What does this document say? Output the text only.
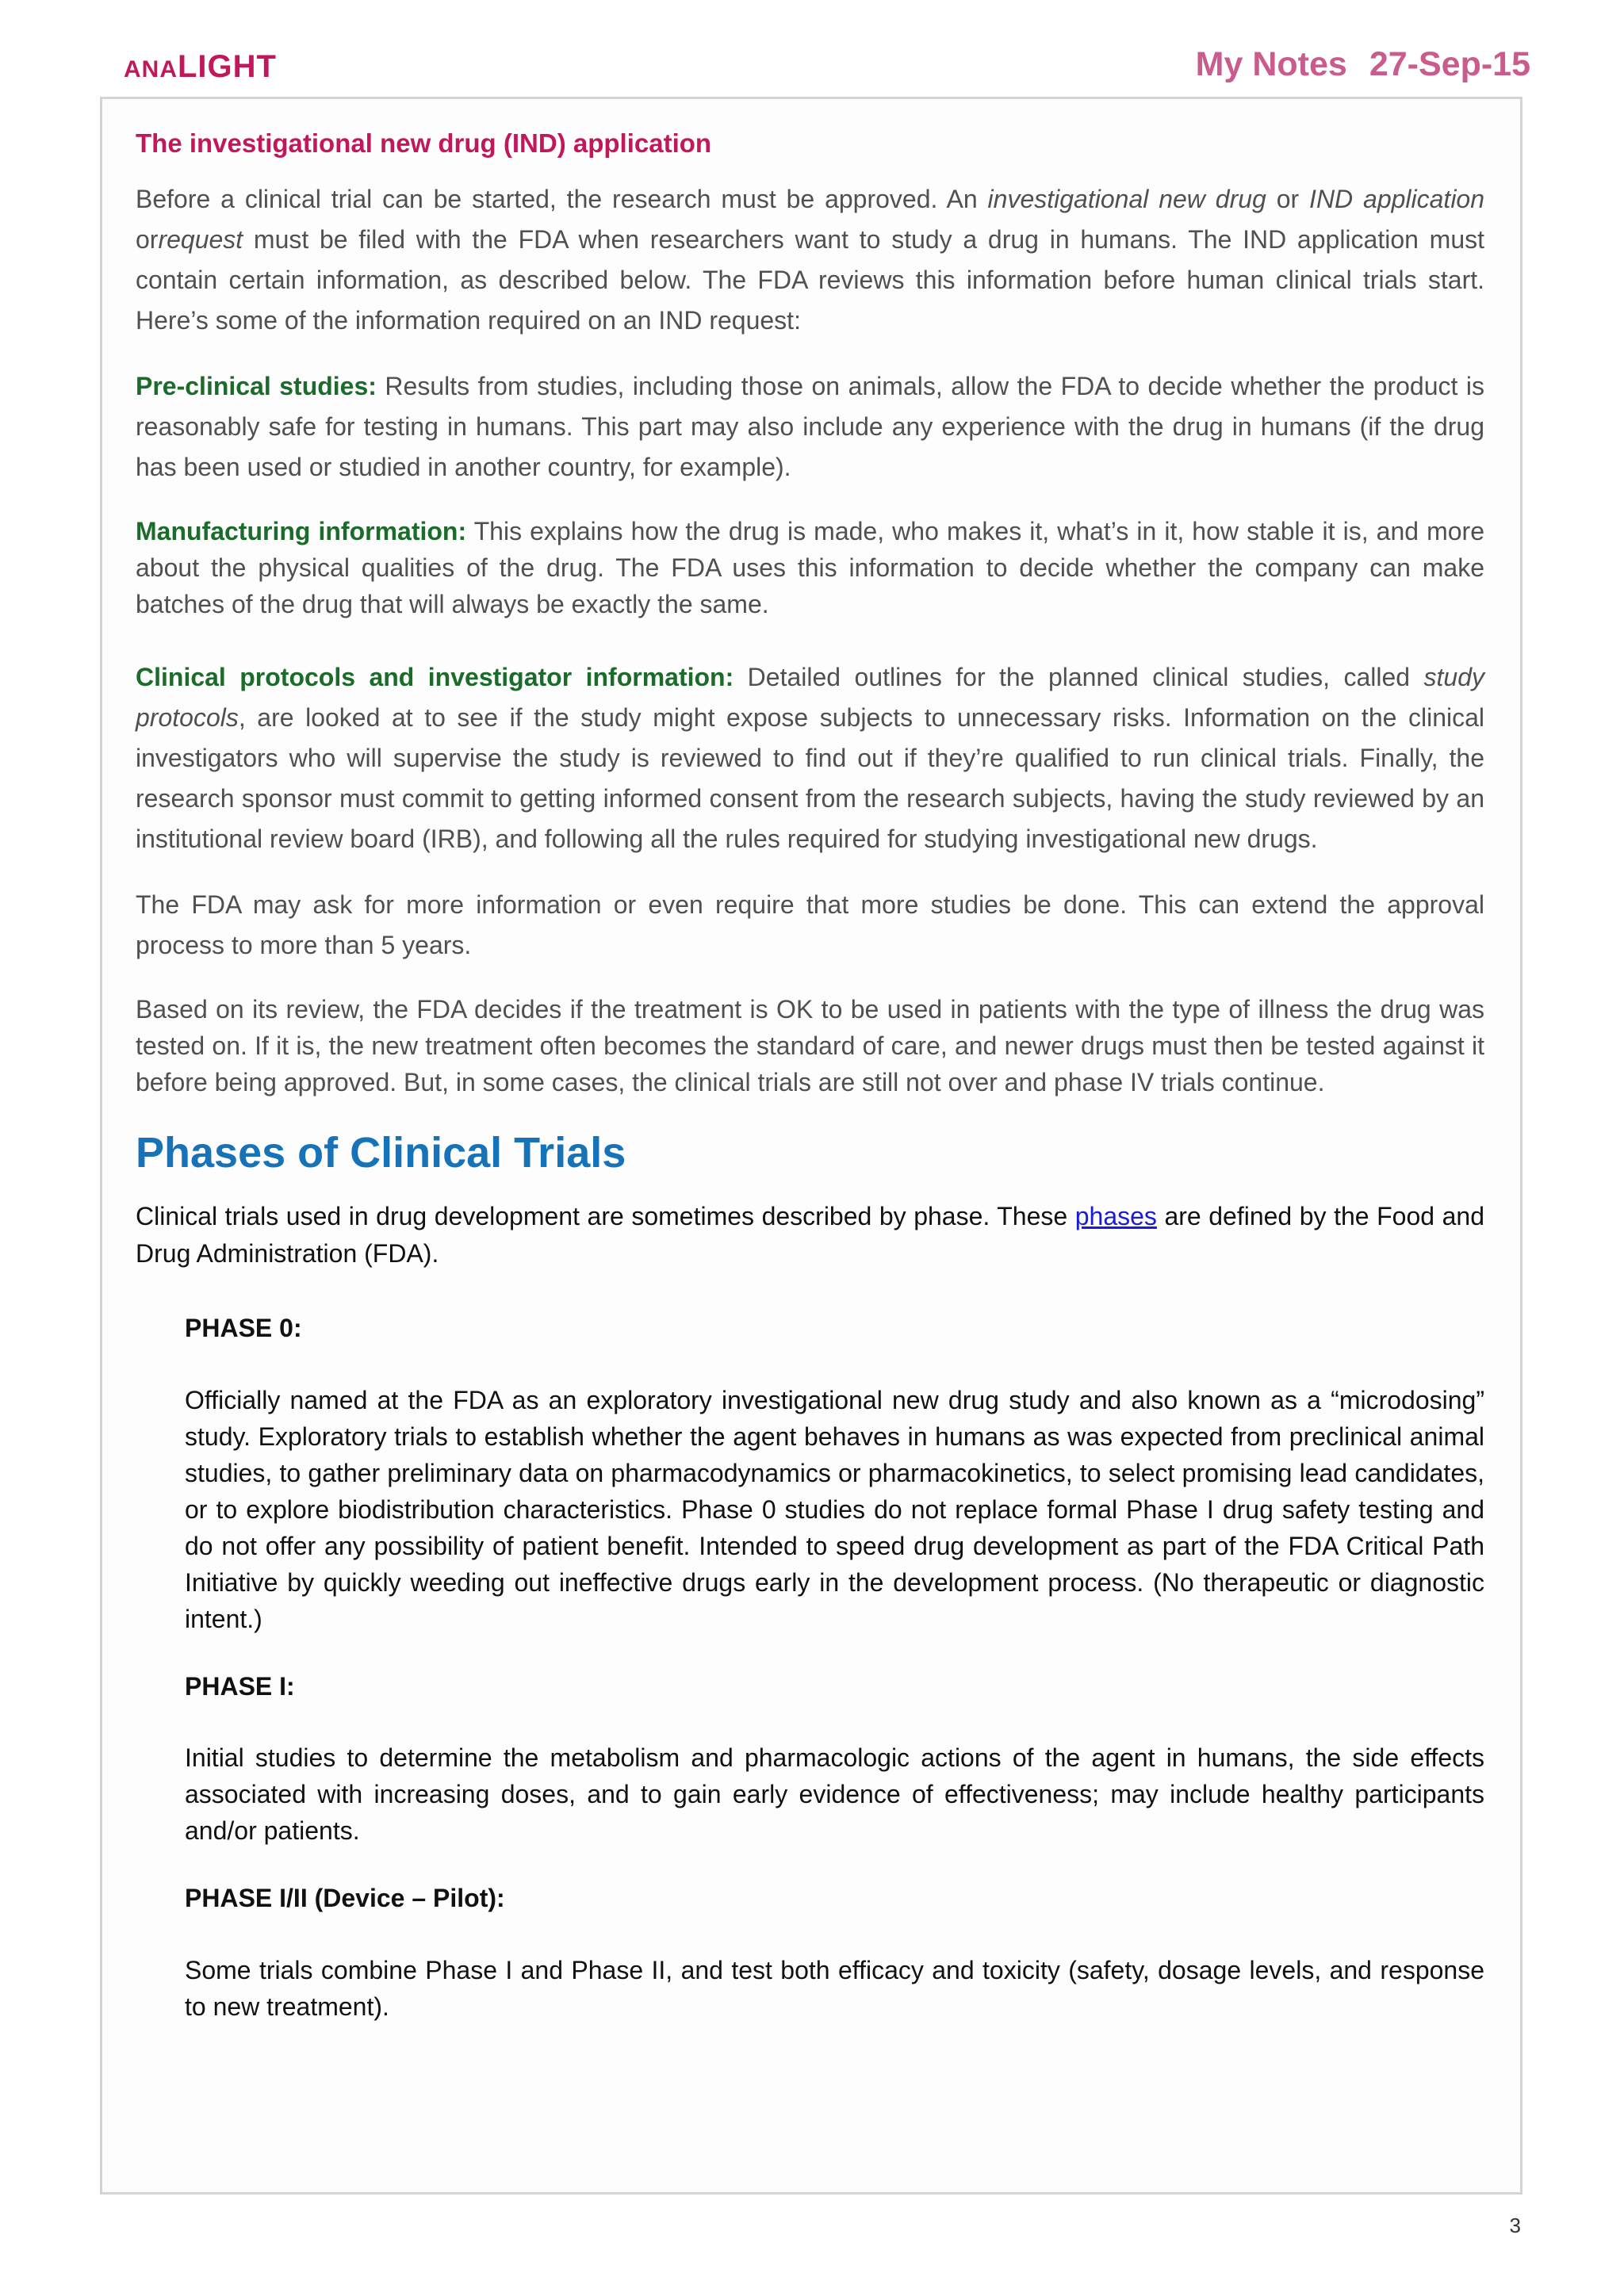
ANALIGHT	My Notes 27-Sep-15
The investigational new drug (IND) application

Before a clinical trial can be started, the research must be approved. An investigational new drug or IND application orrequest must be filed with the FDA when researchers want to study a drug in humans. The IND application must contain certain information, as described below. The FDA reviews this information before human clinical trials start. Here’s some of the information required on an IND request:

Pre-clinical studies: Results from studies, including those on animals, allow the FDA to decide whether the product is reasonably safe for testing in humans. This part may also include any experience with the drug in humans (if the drug has been used or studied in another country, for example).

Manufacturing information: This explains how the drug is made, who makes it, what’s in it, how stable it is, and more about the physical qualities of the drug. The FDA uses this information to decide whether the company can make batches of the drug that will always be exactly the same.

Clinical protocols and investigator information: Detailed outlines for the planned clinical studies, called study protocols, are looked at to see if the study might expose subjects to unnecessary risks. Information on the clinical investigators who will supervise the study is reviewed to find out if they’re qualified to run clinical trials. Finally, the research sponsor must commit to getting informed consent from the research subjects, having the study reviewed by an institutional review board (IRB), and following all the rules required for studying investigational new drugs.

The FDA may ask for more information or even require that more studies be done. This can extend the approval process to more than 5 years.

Based on its review, the FDA decides if the treatment is OK to be used in patients with the type of illness the drug was tested on. If it is, the new treatment often becomes the standard of care, and newer drugs must then be tested against it before being approved. But, in some cases, the clinical trials are still not over and phase IV trials continue.

Phases of Clinical Trials

Clinical trials used in drug development are sometimes described by phase. These phases are defined by the Food and Drug Administration (FDA).

PHASE 0:

Officially named at the FDA as an exploratory investigational new drug study and also known as a “microdosing” study. Exploratory trials to establish whether the agent behaves in humans as was expected from preclinical animal studies, to gather preliminary data on pharmacodynamics or pharmacokinetics, to select promising lead candidates, or to explore biodistribution characteristics. Phase 0 studies do not replace formal Phase I drug safety testing and do not offer any possibility of patient benefit. Intended to speed drug development as part of the FDA Critical Path Initiative by quickly weeding out ineffective drugs early in the development process. (No therapeutic or diagnostic intent.)

PHASE I:

Initial studies to determine the metabolism and pharmacologic actions of the agent in humans, the side effects associated with increasing doses, and to gain early evidence of effectiveness; may include healthy participants and/or patients.

PHASE I/II (Device – Pilot):

Some trials combine Phase I and Phase II, and test both efficacy and toxicity (safety, dosage levels, and response to new treatment).

3
